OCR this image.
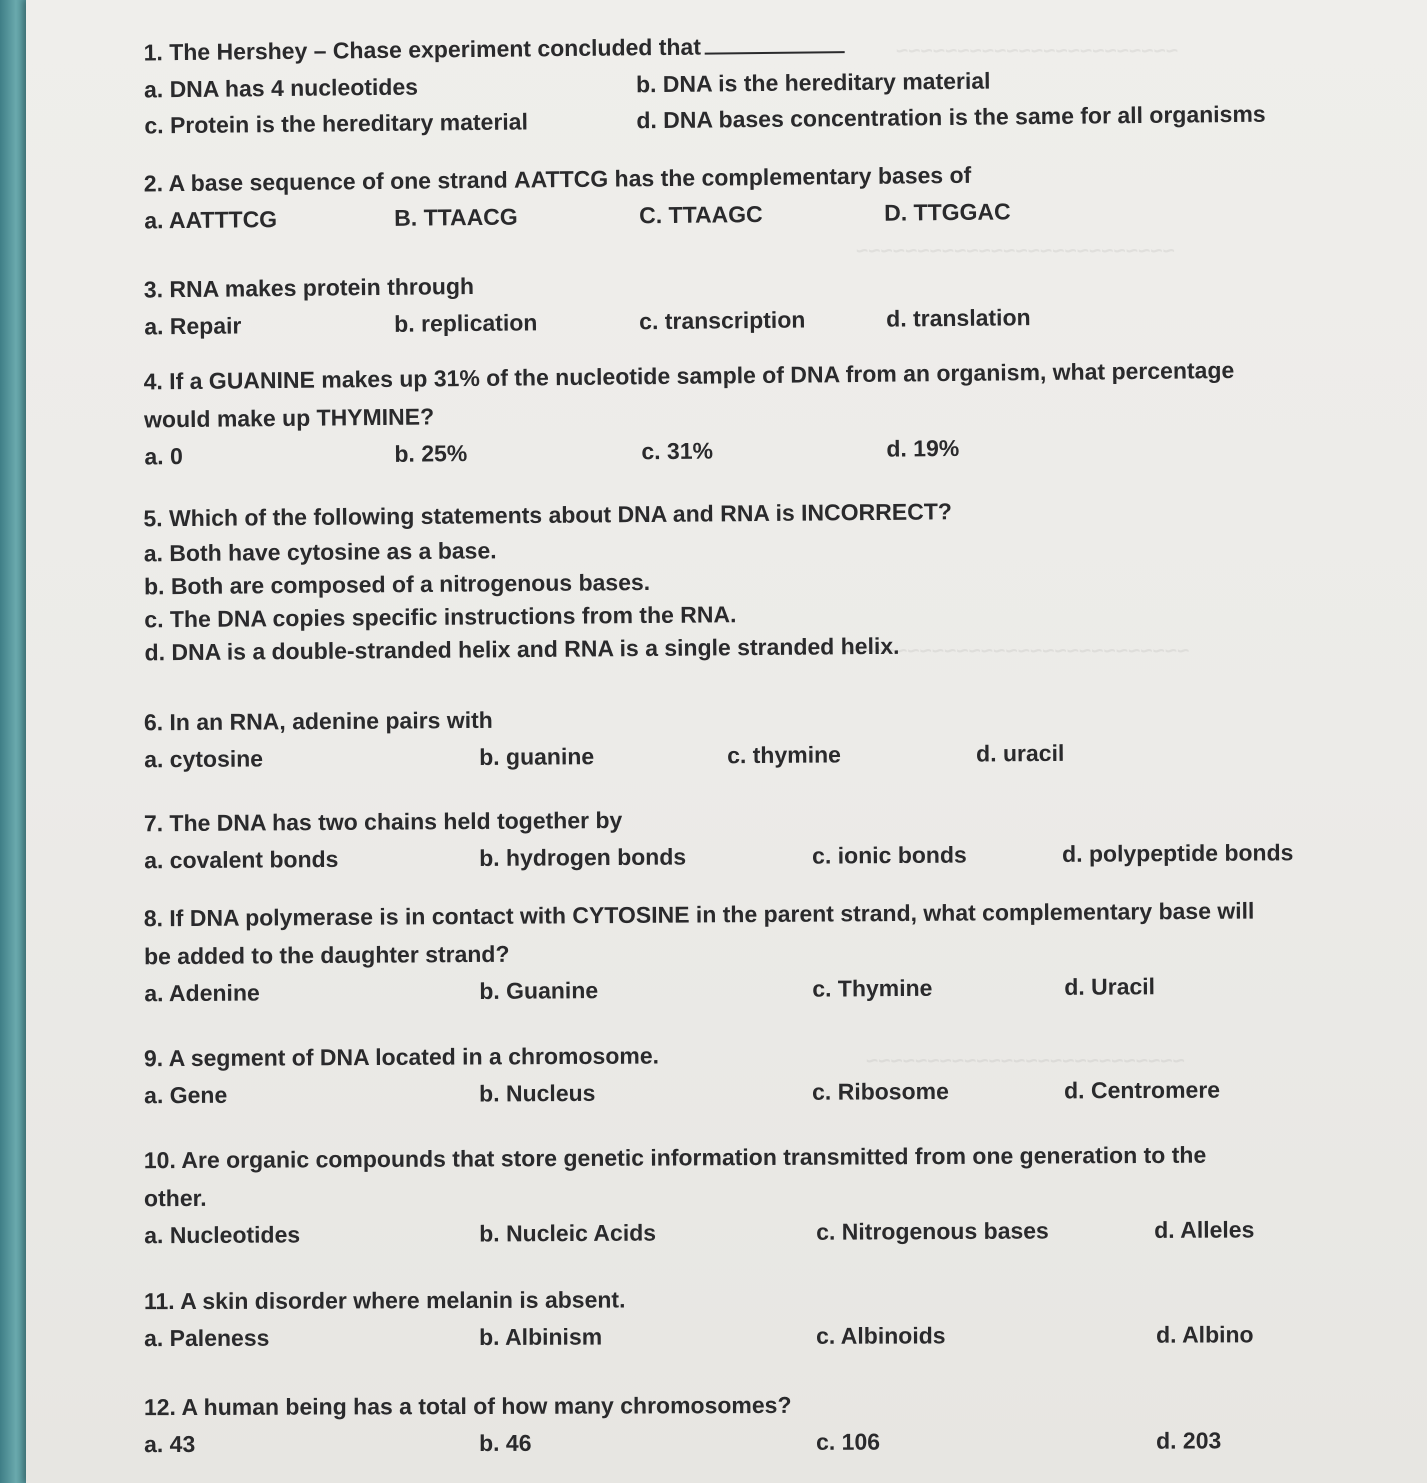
~~~~~~~~~~~~~~~~~~~~~~~
~~~~~~~~~~~~~~~~~~~~~~~~~~
~~~~~~~~~~~~~~~~~~~~~~~~~~~~
~~~~~~~~~~~~~~~~~~~~~~~~~~
1. The Hershey – Chase experiment concluded that
a. DNA has 4 nucleotides	b. DNA is the hereditary material
c. Protein is the hereditary material	d. DNA bases concentration is the same for all organisms
2. A base sequence of one strand AATTCG has the complementary bases of
a. AATTTCG	B. TTAACG	C. TTAAGC	D. TTGGAC
3. RNA makes protein through
a. Repair	b. replication	c. transcription	d. translation
4. If a GUANINE makes up 31% of the nucleotide sample of DNA from an organism, what percentage
would make up THYMINE?
a. 0	b. 25%	c. 31%	d. 19%
5. Which of the following statements about DNA and RNA is INCORRECT?
a. Both have cytosine as a base.
b. Both are composed of a nitrogenous bases.
c. The DNA copies specific instructions from the RNA.
d. DNA is a double-stranded helix and RNA is a single stranded helix.
6. In an RNA, adenine pairs with
a. cytosine	b. guanine	c. thymine	d. uracil
7. The DNA has two chains held together by
a. covalent bonds	b. hydrogen bonds	c. ionic bonds	d. polypeptide bonds
8. If DNA polymerase is in contact with CYTOSINE in the parent strand, what complementary base will
be added to the daughter strand?
a. Adenine	b. Guanine	c. Thymine	d. Uracil
9. A segment of DNA located in a chromosome.
a. Gene	b. Nucleus	c. Ribosome	d. Centromere
10. Are organic compounds that store genetic information transmitted from one generation to the
other.
a. Nucleotides	b. Nucleic Acids	c. Nitrogenous bases	d. Alleles
11. A skin disorder where melanin is absent.
a. Paleness	b. Albinism	c. Albinoids	d. Albino
12. A human being has a total of how many chromosomes?
a. 43	b. 46	c. 106	d. 203
